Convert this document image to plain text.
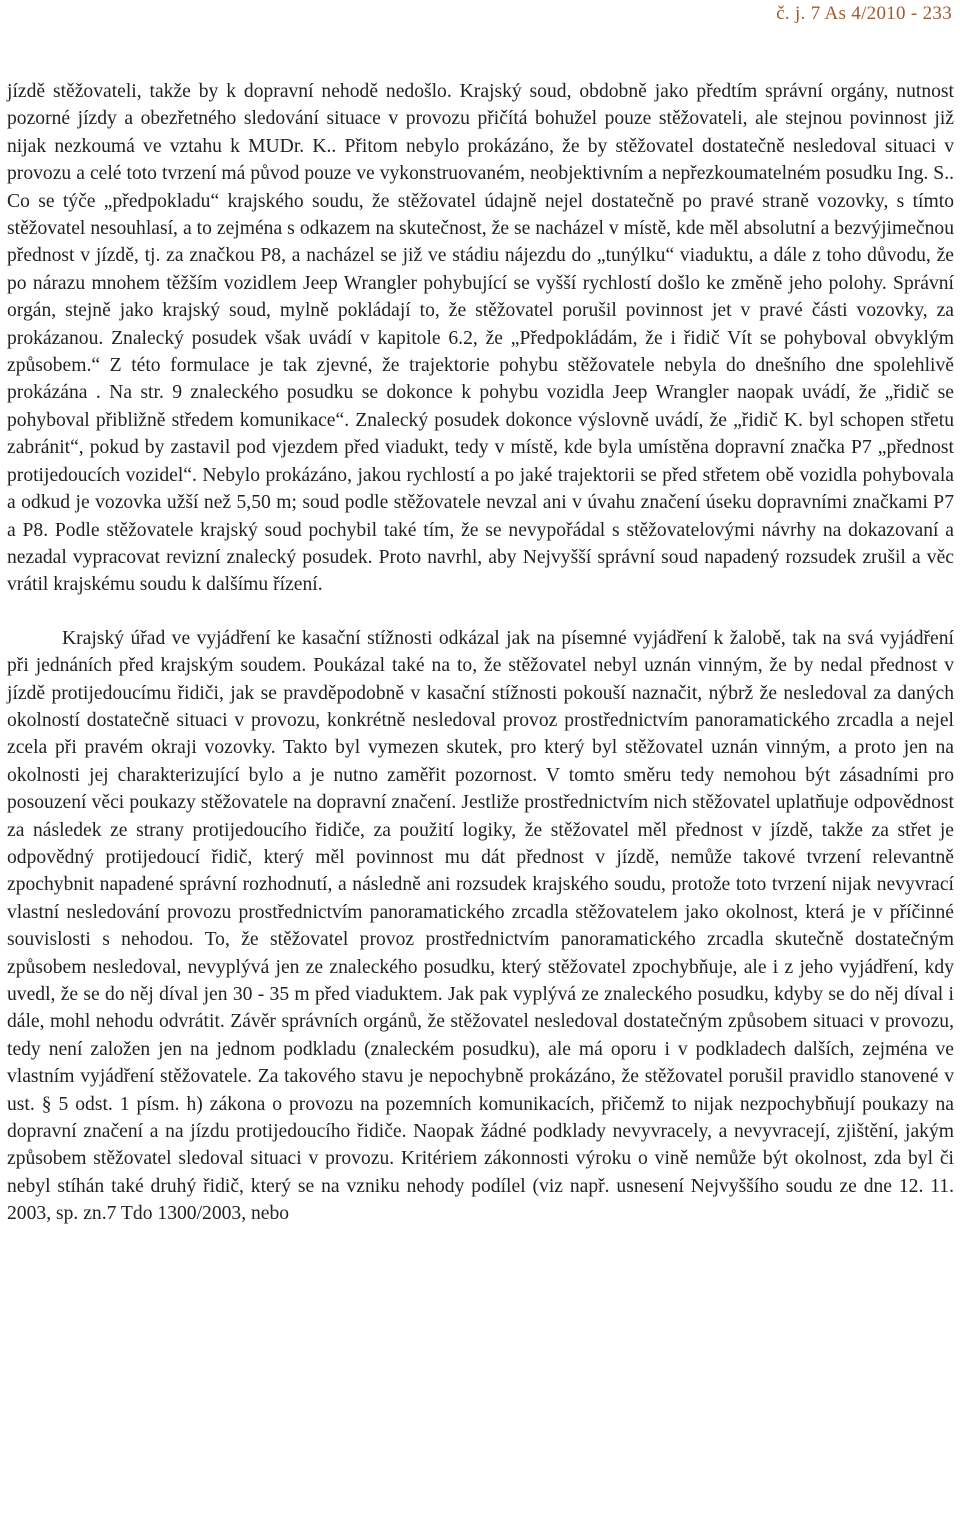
č. j. 7 As 4/2010 - 233

jízdě stěžovateli, takže by k dopravní nehodě nedošlo. Krajský soud, obdobně jako předtím správní orgány, nutnost pozorné jízdy a obezřetného sledování situace v provozu přičítá bohužel pouze stěžovateli, ale stejnou povinnost již nijak nezkoumá ve vztahu k MUDr. K.. Přitom nebylo prokázáno, že by stěžovatel dostatečně nesledoval situaci v provozu a celé toto tvrzení má původ pouze ve vykonstruovaném, neobjektivním a nepřezkoumatelném posudku Ing. S.. Co se týče „předpokladu“ krajského soudu, že stěžovatel údajně nejel dostatečně po pravé straně vozovky, s tímto stěžovatel nesouhlasí, a to zejména s odkazem na skutečnost, že se nacházel v místě, kde měl absolutní a bezvýjimečnou přednost v jízdě, tj. za značkou P8, a nacházel se již ve stádiu nájezdu do „tunýlku“ viaduktu, a dále z toho důvodu, že po nárazu mnohem těžším vozidlem Jeep Wrangler pohybující se vyšší rychlostí došlo ke změně jeho polohy. Správní orgán, stejně jako krajský soud, mylně pokládají to, že stěžovatel porušil povinnost jet v pravé části vozovky, za prokázanou. Znalecký posudek však uvádí v kapitole 6.2, že „Předpokládám, že i řidič Vít se pohyboval obvyklým způsobem.“ Z této formulace je tak zjevné, že trajektorie pohybu stěžovatele nebyla do dnešního dne spolehlivě prokázána . Na str. 9 znaleckého posudku se dokonce k pohybu vozidla Jeep Wrangler naopak uvádí, že „řidič se pohyboval přibližně středem komunikace“. Znalecký posudek dokonce výslovně uvádí, že „řidič K. byl schopen střetu zabránit“, pokud by zastavil pod vjezdem před viadukt, tedy v místě, kde byla umístěna dopravní značka P7 „přednost protijedoucích vozidel“. Nebylo prokázáno, jakou rychlostí a po jaké trajektorii se před střetem obě vozidla pohybovala a odkud je vozovka užší než 5,50 m; soud podle stěžovatele nevzal ani v úvahu značení úseku dopravními značkami P7 a P8. Podle stěžovatele krajský soud pochybil také tím, že se nevypořádal s stěžovatelovými návrhy na dokazovaní a nezadal vypracovat revizní znalecký posudek. Proto navrhl, aby Nejvyšší správní soud napadený rozsudek zrušil a věc vrátil krajskému soudu k dalšímu řízení.

Krajský úřad ve vyjádření ke kasační stížnosti odkázal jak na písemné vyjádření k žalobě, tak na svá vyjádření při jednáních před krajským soudem. Poukázal také na to, že stěžovatel nebyl uznán vinným, že by nedal přednost v jízdě protijedoucímu řidiči, jak se pravděpodobně v kasační stížnosti pokouší naznačit, nýbrž že nesledoval za daných okolností dostatečně situaci v provozu, konkrétně nesledoval provoz prostřednictvím panoramatického zrcadla a nejel zcela při pravém okraji vozovky. Takto byl vymezen skutek, pro který byl stěžovatel uznán vinným, a proto jen na okolnosti jej charakterizující bylo a je nutno zaměřit pozornost. V tomto směru tedy nemohou být zásadními pro posouzení věci poukazy stěžovatele na dopravní značení. Jestliže prostřednictvím nich stěžovatel uplatňuje odpovědnost za následek ze strany protijedoucího řidiče, za použití logiky, že stěžovatel měl přednost v jízdě, takže za střet je odpovědný protijedoucí řidič, který měl povinnost mu dát přednost v jízdě, nemůže takové tvrzení relevantně zpochybnit napadené správní rozhodnutí, a následně ani rozsudek krajského soudu, protože toto tvrzení nijak nevyvrací vlastní nesledování provozu prostřednictvím panoramatického zrcadla stěžovatelem jako okolnost, která je v příčinné souvislosti s nehodou. To, že stěžovatel provoz prostřednictvím panoramatického zrcadla skutečně dostatečným způsobem nesledoval, nevyplývá jen ze znaleckého posudku, který stěžovatel zpochybňuje, ale i z jeho vyjádření, kdy uvedl, že se do něj díval jen 30 - 35 m před viaduktem. Jak pak vyplývá ze znaleckého posudku, kdyby se do něj díval i dále, mohl nehodu odvrátit. Závěr správních orgánů, že stěžovatel nesledoval dostatečným způsobem situaci v provozu, tedy není založen jen na jednom podkladu (znaleckém posudku), ale má oporu i v podkladech dalších, zejména ve vlastním vyjádření stěžovatele. Za takového stavu je nepochybně prokázáno, že stěžovatel porušil pravidlo stanovené v ust. § 5 odst. 1 písm. h) zákona o provozu na pozemních komunikacích, přičemž to nijak nezpochybňují poukazy na dopravní značení a na jízdu protijedoucího řidiče. Naopak žádné podklady nevyvracely, a nevyvracejí, zjištění, jakým způsobem stěžovatel sledoval situaci v provozu. Kritériem zákonnosti výroku o vině nemůže být okolnost, zda byl či nebyl stíhán také druhý řidič, který se na vzniku nehody podílel (viz např. usnesení Nejvyššího soudu ze dne 12. 11. 2003, sp. zn.7 Tdo 1300/2003, nebo
